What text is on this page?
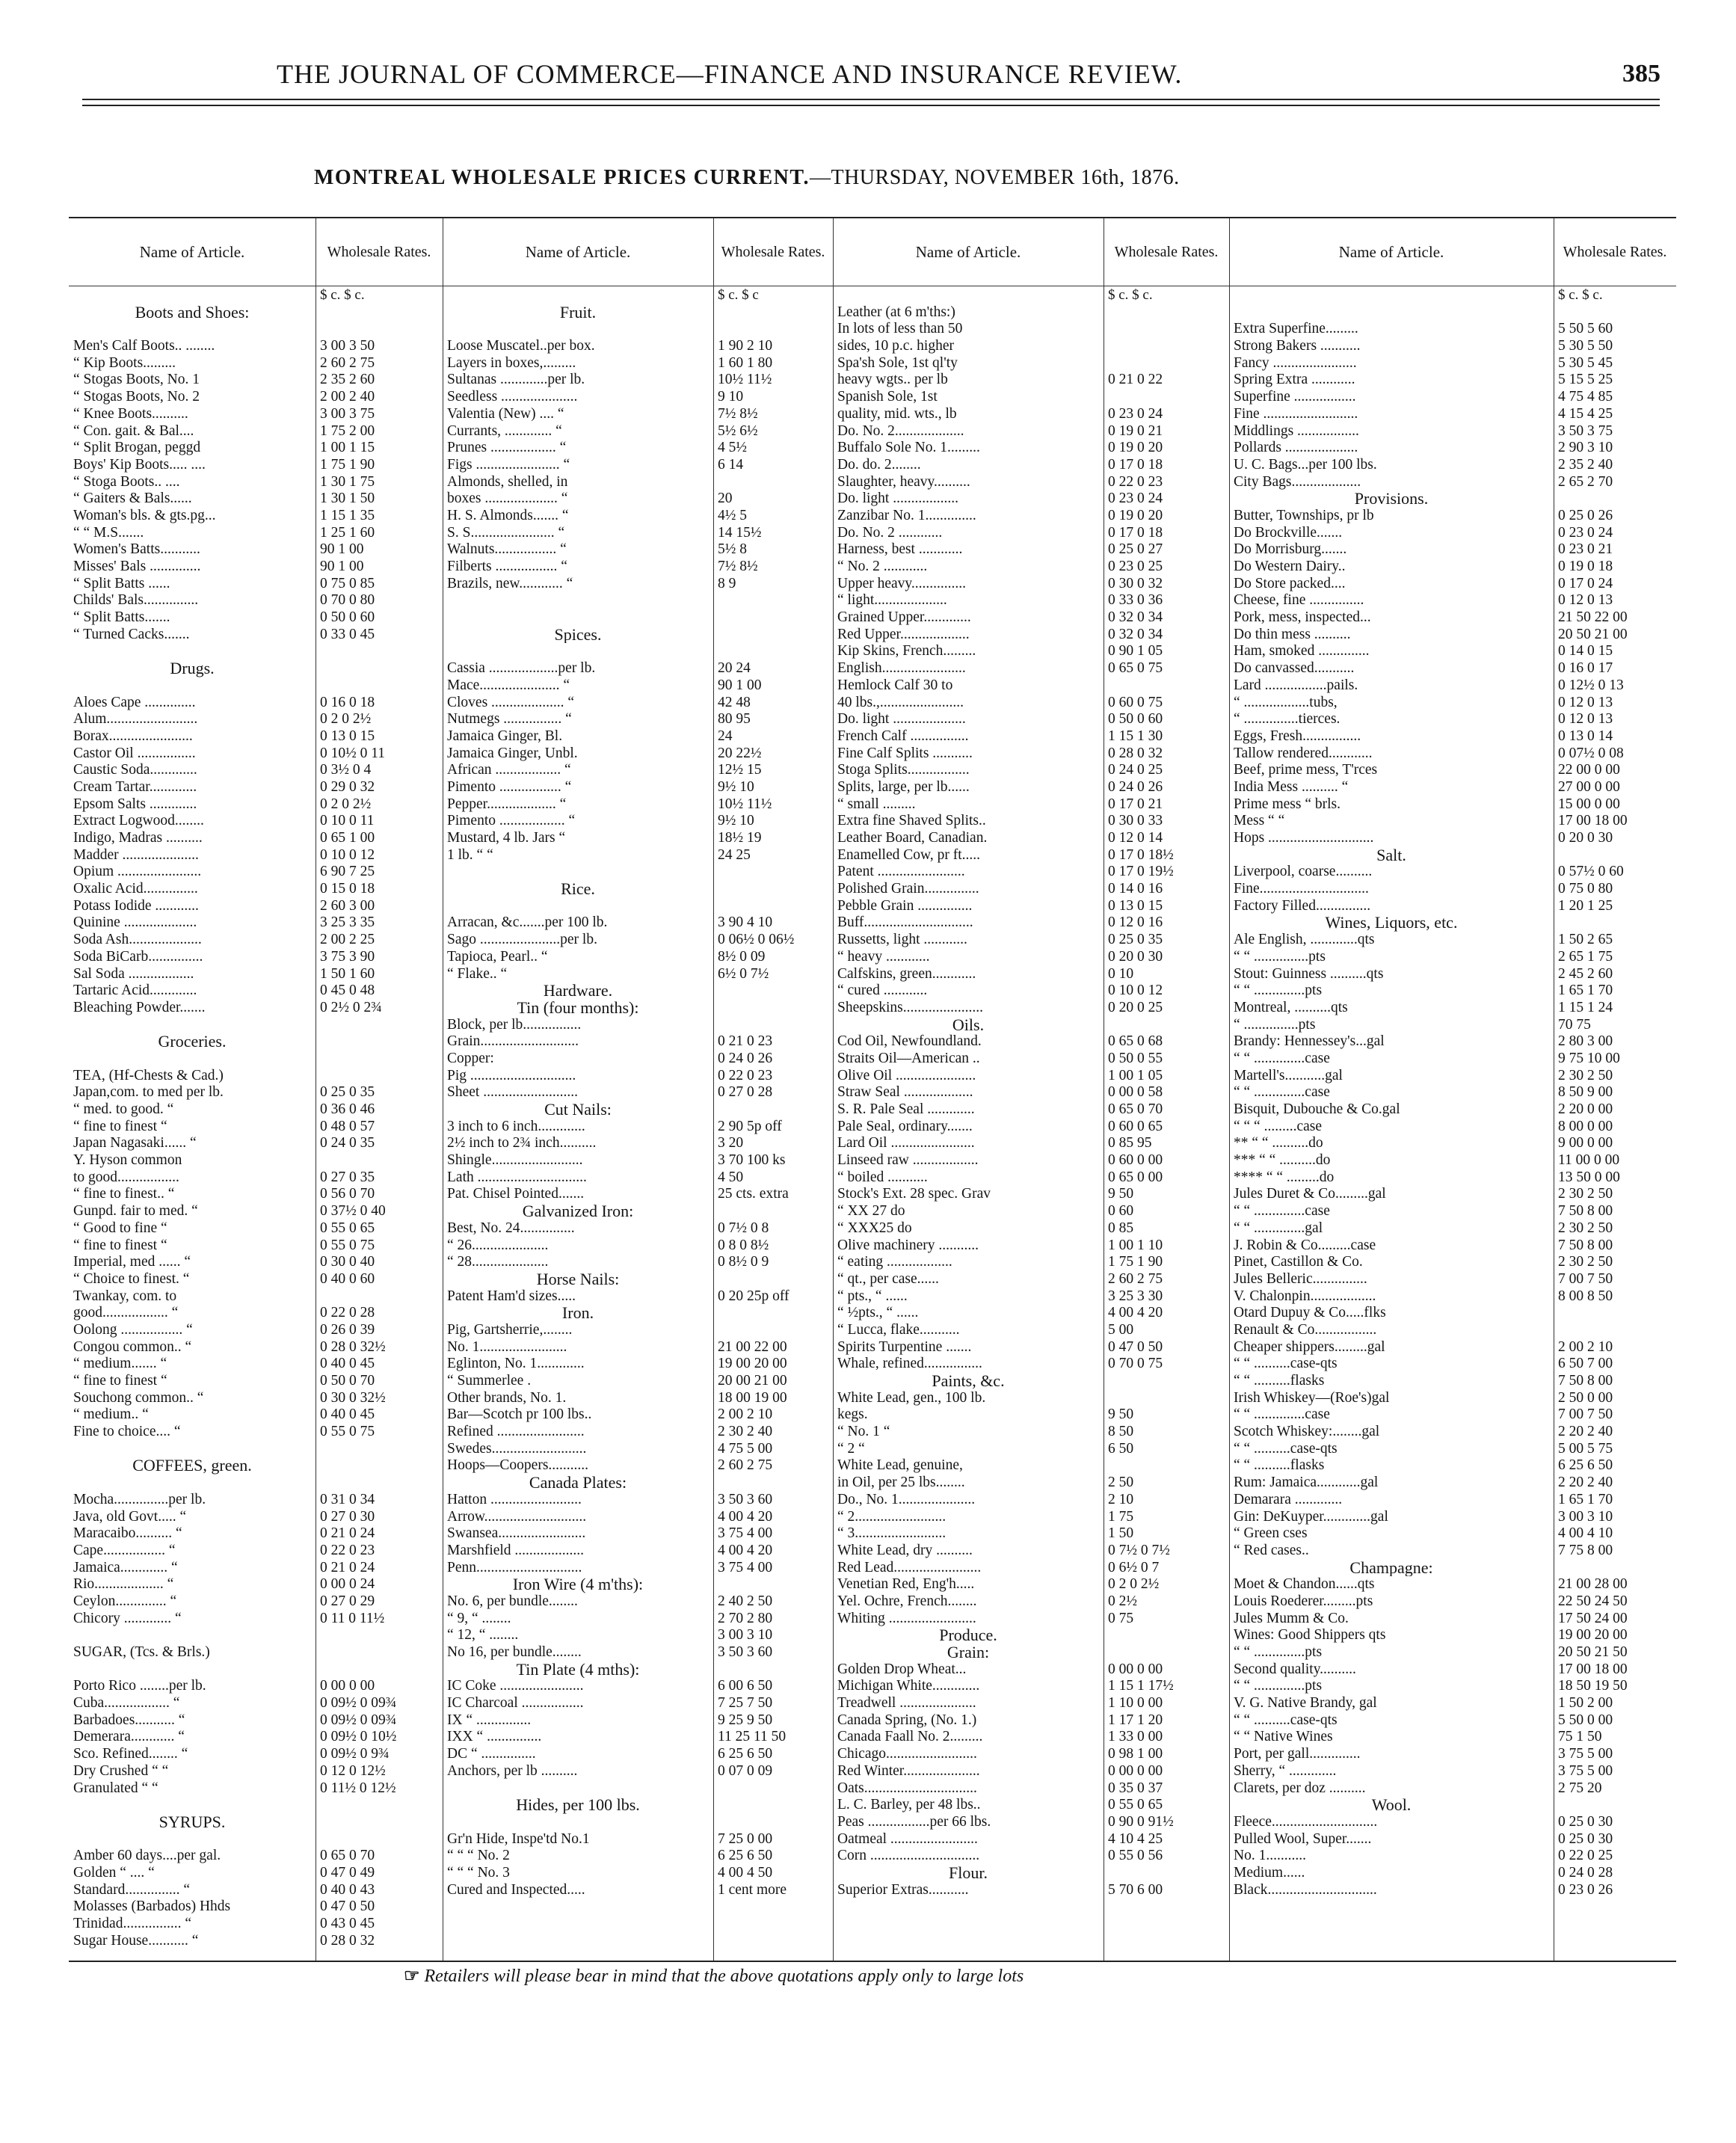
THE JOURNAL OF COMMERCE—FINANCE AND INSURANCE REVIEW.	385
MONTREAL WHOLESALE PRICES CURRENT.—THURSDAY, NOVEMBER 16th, 1876.
Name of Article.
Boots and Shoes:
Men's Calf Boots.. ........
“ Kip Boots.........
“ Stogas Boots, No. 1
“ Stogas Boots, No. 2
“ Knee Boots..........
“ Con. gait. & Bal....
“ Split Brogan, peggd
Boys' Kip Boots..... ....
“ Stoga Boots.. ....
“ Gaiters & Bals......
Woman's bls. & gts.pg...
“ “ M.S.......
Women's Batts...........
Misses' Bals ..............
“ Split Batts ......
Childs' Bals...............
“ Split Batts.......
“ Turned Cacks.......
Drugs.
Aloes Cape ..............
Alum.........................
Borax.......................
Castor Oil ................
Caustic Soda.............
Cream Tartar.............
Epsom Salts .............
Extract Logwood........
Indigo, Madras ..........
Madder .....................
Opium .......................
Oxalic Acid...............
Potass Iodide ............
Quinine ....................
Soda Ash....................
Soda BiCarb...............
Sal Soda ..................
Tartaric Acid.............
Bleaching Powder.......
Groceries.
TEA, (Hf-Chests & Cad.)
Japan,com. to med per lb.
“ med. to good. “
“ fine to finest “
Japan Nagasaki...... “
Y. Hyson common
to good.................
“ fine to finest.. “
Gunpd. fair to med. “
“ Good to fine “
“ fine to finest “
Imperial, med ...... “
“ Choice to finest. “
Twankay, com. to
good.................. “
Oolong ................. “
Congou common.. “
“ medium....... “
“ fine to finest “
Souchong common.. “
“ medium.. “
Fine to choice.... “
COFFEES, green.
Mocha...............per lb.
Java, old Govt..... “
Maracaibo.......... “
Cape................. “
Jamaica............. “
Rio................... “
Ceylon.............. “
Chicory ............. “
SUGAR, (Tcs. & Brls.)
Porto Rico ........per lb.
Cuba.................. “
Barbadoes........... “
Demerara............ “
Sco. Refined........ “
Dry Crushed “ “
Granulated “ “
SYRUPS.
Amber 60 days....per gal.
Golden “ .... “
Standard............... “
Molasses (Barbados) Hhds
Trinidad................ “
Sugar House........... “
Wholesale Rates.
$ c. $ c.
3 00 3 50
2 60 2 75
2 35 2 60
2 00 2 40
3 00 3 75
1 75 2 00
1 00 1 15
1 75 1 90
1 30 1 75
1 30 1 50
1 15 1 35
1 25 1 60
90 1 00
90 1 00
0 75 0 85
0 70 0 80
0 50 0 60
0 33 0 45
0 16 0 18
0 2 0 2½
0 13 0 15
0 10½ 0 11
0 3½ 0 4
0 29 0 32
0 2 0 2½
0 10 0 11
0 65 1 00
0 10 0 12
6 90 7 25
0 15 0 18
2 60 3 00
3 25 3 35
2 00 2 25
3 75 3 90
1 50 1 60
0 45 0 48
0 2½ 0 2¾
0 25 0 35
0 36 0 46
0 48 0 57
0 24 0 35
0 27 0 35
0 56 0 70
0 37½ 0 40
0 55 0 65
0 55 0 75
0 30 0 40
0 40 0 60
0 22 0 28
0 26 0 39
0 28 0 32½
0 40 0 45
0 50 0 70
0 30 0 32½
0 40 0 45
0 55 0 75
0 31 0 34
0 27 0 30
0 21 0 24
0 22 0 23
0 21 0 24
0 00 0 24
0 27 0 29
0 11 0 11½
0 00 0 00
0 09½ 0 09¾
0 09½ 0 09¾
0 09½ 0 10½
0 09½ 0 9¾
0 12 0 12½
0 11½ 0 12½
0 65 0 70
0 47 0 49
0 40 0 43
0 47 0 50
0 43 0 45
0 28 0 32
Name of Article.
Fruit.
Loose Muscatel..per box.
Layers in boxes,.........
Sultanas .............per lb.
Seedless .....................
Valentia (New) .... “
Currants, ............. “
Prunes .................. “
Figs ....................... “
Almonds, shelled, in
boxes .................... “
H. S. Almonds....... “
S. S....................... “
Walnuts................. “
Filberts ................. “
Brazils, new............ “
Spices.
Cassia ...................per lb.
Mace...................... “
Cloves .................... “
Nutmegs ................ “
Jamaica Ginger, Bl.
Jamaica Ginger, Unbl.
African .................. “
Pimento ................. “
Pepper................... “
Pimento .................. “
Mustard, 4 lb. Jars “
1 lb. “ “
Rice.
Arracan, &c.......per 100 lb.
Sago ......................per lb.
Tapioca, Pearl.. “
“ Flake.. “
Hardware.
Tin (four months):
Block, per lb................
Grain...........................
Copper:
Pig .............................
Sheet ..........................
Cut Nails:
3 inch to 6 inch.............
2½ inch to 2¾ inch..........
Shingle.........................
Lath ..............................
Pat. Chisel Pointed.......
Galvanized Iron:
Best, No. 24...............
“ 26.....................
“ 28.....................
Horse Nails:
Patent Ham'd sizes.....
Iron.
Pig, Gartsherrie,........
No. 1........................
Eglinton, No. 1.............
“ Summerlee .
Other brands, No. 1.
Bar—Scotch pr 100 lbs..
Refined ........................
Swedes..........................
Hoops—Coopers...........
Canada Plates:
Hatton .........................
Arrow............................
Swansea........................
Marshfield ...................
Penn.............................
Iron Wire (4 m'ths):
No. 6, per bundle........
“ 9, “ ........
“ 12, “ ........
No 16, per bundle........
Tin Plate (4 mths):
IC Coke .......................
IC Charcoal .................
IX “ ...............
IXX “ ...............
DC “ ...............
Anchors, per lb ..........
Hides, per 100 lbs.
Gr'n Hide, Inspe'td No.1
“ “ “ No. 2
“ “ “ No. 3
Cured and Inspected.....
Wholesale Rates.
$ c. $ c
1 90 2 10
1 60 1 80
10½ 11½
9 10
7½ 8½
5½ 6½
4 5½
6 14
20
4½ 5
14 15½
5½ 8
7½ 8½
8 9
20 24
90 1 00
42 48
80 95
24
20 22½
12½ 15
9½ 10
10½ 11½
9½ 10
18½ 19
24 25
3 90 4 10
0 06½ 0 06½
8½ 0 09
6½ 0 7½
0 21 0 23
0 24 0 26
0 22 0 23
0 27 0 28
2 90 5p off
3 20
3 70 100 ks
4 50
25 cts. extra
0 7½ 0 8
0 8 0 8½
0 8½ 0 9
0 20 25p off
21 00 22 00
19 00 20 00
20 00 21 00
18 00 19 00
2 00 2 10
2 30 2 40
4 75 5 00
2 60 2 75
3 50 3 60
4 00 4 20
3 75 4 00
4 00 4 20
3 75 4 00
2 40 2 50
2 70 2 80
3 00 3 10
3 50 3 60
6 00 6 50
7 25 7 50
9 25 9 50
11 25 11 50
6 25 6 50
0 07 0 09
7 25 0 00
6 25 6 50
4 00 4 50
1 cent more
Name of Article.
Leather (at 6 m'ths:)
In lots of less than 50
sides, 10 p.c. higher
Spa'sh Sole, 1st ql'ty
heavy wgts.. per lb
Spanish Sole, 1st
quality, mid. wts., lb
Do. No. 2...................
Buffalo Sole No. 1.........
Do. do. 2........
Slaughter, heavy..........
Do. light ..................
Zanzibar No. 1..............
Do. No. 2 ............
Harness, best ............
“ No. 2 ............
Upper heavy...............
“ light....................
Grained Upper.............
Red Upper...................
Kip Skins, French.........
English.......................
Hemlock Calf 30 to
40 lbs.,.......................
Do. light ....................
French Calf ................
Fine Calf Splits ...........
Stoga Splits.................
Splits, large, per lb......
“ small .........
Extra fine Shaved Splits..
Leather Board, Canadian.
Enamelled Cow, pr ft.....
Patent ........................
Polished Grain...............
Pebble Grain ...............
Buff..............................
Russetts, light ............
“ heavy ............
Calfskins, green............
“ cured ............
Sheepskins......................
Oils.
Cod Oil, Newfoundland.
Straits Oil—American ..
Olive Oil ......................
Straw Seal ...................
S. R. Pale Seal .............
Pale Seal, ordinary.......
Lard Oil .......................
Linseed raw ..................
“ boiled ...........
Stock's Ext. 28 spec. Grav
“ XX 27 do
“ XXX25 do
Olive machinery ...........
“ eating ..................
“ qt., per case......
“ pts., “ ......
“ ½pts., “ ......
“ Lucca, flake...........
Spirits Turpentine .......
Whale, refined................
Paints, &c.
White Lead, gen., 100 lb.
kegs.
“ No. 1 “
“ 2 “
White Lead, genuine,
in Oil, per 25 lbs........
Do., No. 1.....................
“ 2.........................
“ 3.........................
White Lead, dry ..........
Red Lead........................
Venetian Red, Eng'h.....
Yel. Ochre, French........
Whiting ........................
Produce.
Grain:
Golden Drop Wheat...
Michigan White.............
Treadwell .....................
Canada Spring, (No. 1.)
Canada Faall No. 2.........
Chicago.........................
Red Winter.....................
Oats...............................
L. C. Barley, per 48 lbs..
Peas .................per 66 lbs.
Oatmeal ........................
Corn ..............................
Flour.
Superior Extras...........
Wholesale Rates.
$ c. $ c.
0 21 0 22
0 23 0 24
0 19 0 21
0 19 0 20
0 17 0 18
0 22 0 23
0 23 0 24
0 19 0 20
0 17 0 18
0 25 0 27
0 23 0 25
0 30 0 32
0 33 0 36
0 32 0 34
0 32 0 34
0 90 1 05
0 65 0 75
0 60 0 75
0 50 0 60
1 15 1 30
0 28 0 32
0 24 0 25
0 24 0 26
0 17 0 21
0 30 0 33
0 12 0 14
0 17 0 18½
0 17 0 19½
0 14 0 16
0 13 0 15
0 12 0 16
0 25 0 35
0 20 0 30
0 10
0 10 0 12
0 20 0 25
0 65 0 68
0 50 0 55
1 00 1 05
0 00 0 58
0 65 0 70
0 60 0 65
0 85 95
0 60 0 00
0 65 0 00
9 50
0 60
0 85
1 00 1 10
1 75 1 90
2 60 2 75
3 25 3 30
4 00 4 20
5 00
0 47 0 50
0 70 0 75
9 50
8 50
6 50
2 50
2 10
1 75
1 50
0 7½ 0 7½
0 6½ 0 7
0 2 0 2½
0 2½
0 75
0 00 0 00
1 15 1 17½
1 10 0 00
1 17 1 20
1 33 0 00
0 98 1 00
0 00 0 00
0 35 0 37
0 55 0 65
0 90 0 91½
4 10 4 25
0 55 0 56
5 70 6 00
Name of Article.
Extra Superfine.........
Strong Bakers ...........
Fancy .......................
Spring Extra ............
Superfine .................
Fine ..........................
Middlings .................
Pollards ....................
U. C. Bags...per 100 lbs.
City Bags...................
Provisions.
Butter, Townships, pr lb
Do Brockville.......
Do Morrisburg.......
Do Western Dairy..
Do Store packed....
Cheese, fine ...............
Pork, mess, inspected...
Do thin mess ..........
Ham, smoked ..............
Do canvassed...........
Lard .................pails.
“ ..................tubs,
“ ...............tierces.
Eggs, Fresh................
Tallow rendered............
Beef, prime mess, T'rces
India Mess .......... “
Prime mess “ brls.
Mess “ “
Hops .............................
Salt.
Liverpool, coarse..........
Fine..............................
Factory Filled...............
Wines, Liquors, etc.
Ale English, .............qts
“ “ ...............pts
Stout: Guinness ..........qts
“ “ ..............pts
Montreal, ..........qts
“ ...............pts
Brandy: Hennessey's...gal
“ “ ..............case
Martell's...........gal
“ “ ..............case
Bisquit, Dubouche & Co.gal
“ “ “ .........case
** “ “ ..........do
*** “ “ ..........do
**** “ “ .........do
Jules Duret & Co.........gal
“ “ ..............case
“ “ ..............gal
J. Robin & Co.........case
Pinet, Castillon & Co.
Jules Belleric...............
V. Chalonpin..................
Otard Dupuy & Co.....flks
Renault & Co.................
Cheaper shippers.........gal
“ “ ..........case-qts
“ “ ..........flasks
Irish Whiskey—(Roe's)gal
“ “ ..............case
Scotch Whiskey:........gal
“ “ ..........case-qts
“ “ ..........flasks
Rum: Jamaica............gal
Demarara .............
Gin: DeKuyper.............gal
“ Green cses
“ Red cases..
Champagne:
Moet & Chandon......qts
Louis Roederer.........pts
Jules Mumm & Co.
Wines: Good Shippers qts
“ “ ..............pts
Second quality..........
“ “ ..............pts
V. G. Native Brandy, gal
“ “ ..........case-qts
“ “ Native Wines
Port, per gall..............
Sherry, “ .............
Clarets, per doz ..........
Wool.
Fleece.............................
Pulled Wool, Super.......
No. 1...........
Medium......
Black..............................
Wholesale Rates.
$ c. $ c.
5 50 5 60
5 30 5 50
5 30 5 45
5 15 5 25
4 75 4 85
4 15 4 25
3 50 3 75
2 90 3 10
2 35 2 40
2 65 2 70
0 25 0 26
0 23 0 24
0 23 0 21
0 19 0 18
0 17 0 24
0 12 0 13
21 50 22 00
20 50 21 00
0 14 0 15
0 16 0 17
0 12½ 0 13
0 12 0 13
0 12 0 13
0 13 0 14
0 07½ 0 08
22 00 0 00
27 00 0 00
15 00 0 00
17 00 18 00
0 20 0 30
0 57½ 0 60
0 75 0 80
1 20 1 25
1 50 2 65
2 65 1 75
2 45 2 60
1 65 1 70
1 15 1 24
70 75
2 80 3 00
9 75 10 00
2 30 2 50
8 50 9 00
2 20 0 00
8 00 0 00
9 00 0 00
11 00 0 00
13 50 0 00
2 30 2 50
7 50 8 00
2 30 2 50
7 50 8 00
2 30 2 50
7 00 7 50
8 00 8 50
2 00 2 10
6 50 7 00
7 50 8 00
2 50 0 00
7 00 7 50
2 20 2 40
5 00 5 75
6 25 6 50
2 20 2 40
1 65 1 70
3 00 3 10
4 00 4 10
7 75 8 00
21 00 28 00
22 50 24 50
17 50 24 00
19 00 20 00
20 50 21 50
17 00 18 00
18 50 19 50
1 50 2 00
5 50 0 00
75 1 50
3 75 5 00
3 75 5 00
2 75 20
0 25 0 30
0 25 0 30
0 22 0 25
0 24 0 28
0 23 0 26
☞ Retailers will please bear in mind that the above quotations apply only to large lots
